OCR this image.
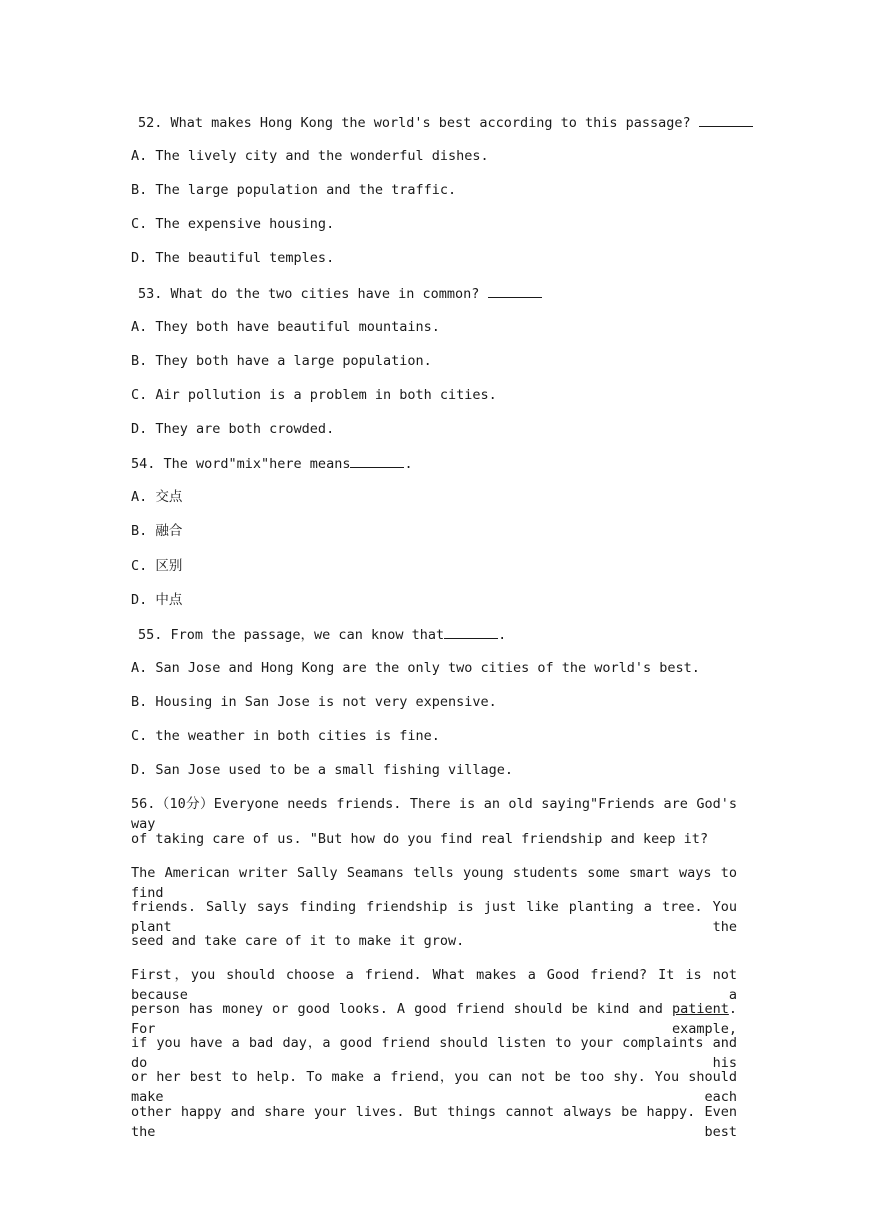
52. What makes Hong Kong the world's best according to this passage?
A. The lively city and the wonderful dishes.
B. The large population and the traffic.
C. The expensive housing.
D. The beautiful temples.
53. What do the two cities have in common?
A. They both have beautiful mountains.
B. They both have a large population.
C. Air pollution is a problem in both cities.
D. They are both crowded.
54. The word"mix"here means	.
A. 交点
B. 融合
C. 区别
D. 中点
55. From the passage，we can know that	.
A. San Jose and Hong Kong are the only two cities of the world's best.
B. Housing in San Jose is not very expensive.
C. the weather in both cities is fine.
D. San Jose used to be a small fishing village.
56.（10分）Everyone needs friends. There is an old saying"Friends are God's way
of taking care of us. "But how do you find real friendship and keep it?
The American writer Sally Seamans tells young students some smart ways to find
friends. Sally says finding friendship is just like planting a tree. You plant the
seed and take care of it to make it grow.
First，you should choose a friend. What makes a Good friend? It is not because a
person has money or good looks. A good friend should be kind and patient. For example,
if you have a bad day，a good friend should listen to your complaints and do his
or her best to help. To make a friend，you can not be too shy. You should make each
other happy and share your lives. But things cannot always be happy. Even the best
